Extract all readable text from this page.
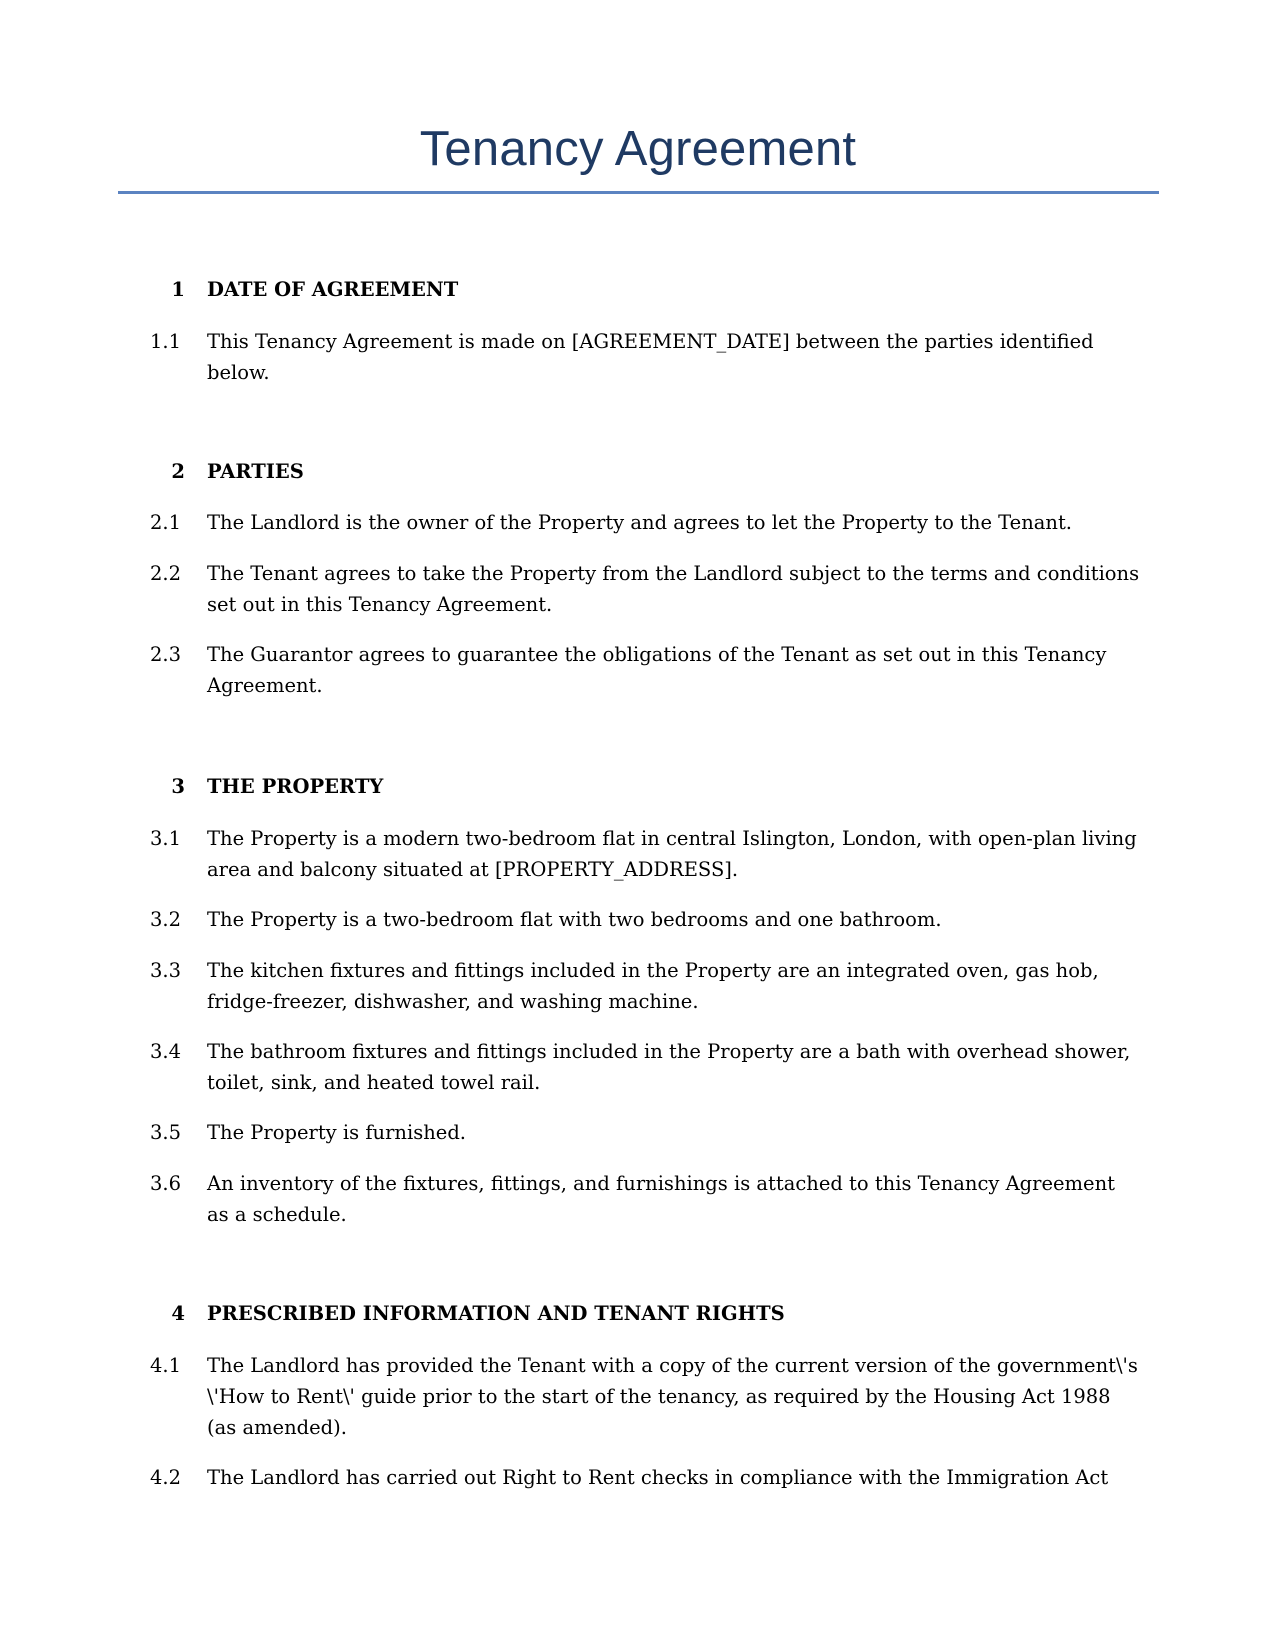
Tenancy Agreement
1 DATE OF AGREEMENT
1.1	This Tenancy Agreement is made on [AGREEMENT_DATE] between the parties identified below.
2 PARTIES
2.1	The Landlord is the owner of the Property and agrees to let the Property to the Tenant.
2.2	The Tenant agrees to take the Property from the Landlord subject to the terms and conditions set out in this Tenancy Agreement.
2.3	The Guarantor agrees to guarantee the obligations of the Tenant as set out in this Tenancy Agreement.
3 THE PROPERTY
3.1	The Property is a modern two-bedroom flat in central Islington, London, with open-plan living area and balcony situated at [PROPERTY_ADDRESS].
3.2	The Property is a two-bedroom flat with two bedrooms and one bathroom.
3.3	The kitchen fixtures and fittings included in the Property are an integrated oven, gas hob, fridge-freezer, dishwasher, and washing machine.
3.4	The bathroom fixtures and fittings included in the Property are a bath with overhead shower, toilet, sink, and heated towel rail.
3.5	The Property is furnished.
3.6	An inventory of the fixtures, fittings, and furnishings is attached to this Tenancy Agreement as a schedule.
4 PRESCRIBED INFORMATION AND TENANT RIGHTS
4.1	The Landlord has provided the Tenant with a copy of the current version of the government\'s \'How to Rent\' guide prior to the start of the tenancy, as required by the Housing Act 1988 (as amended).
4.2	The Landlord has carried out Right to Rent checks in compliance with the Immigration Act
